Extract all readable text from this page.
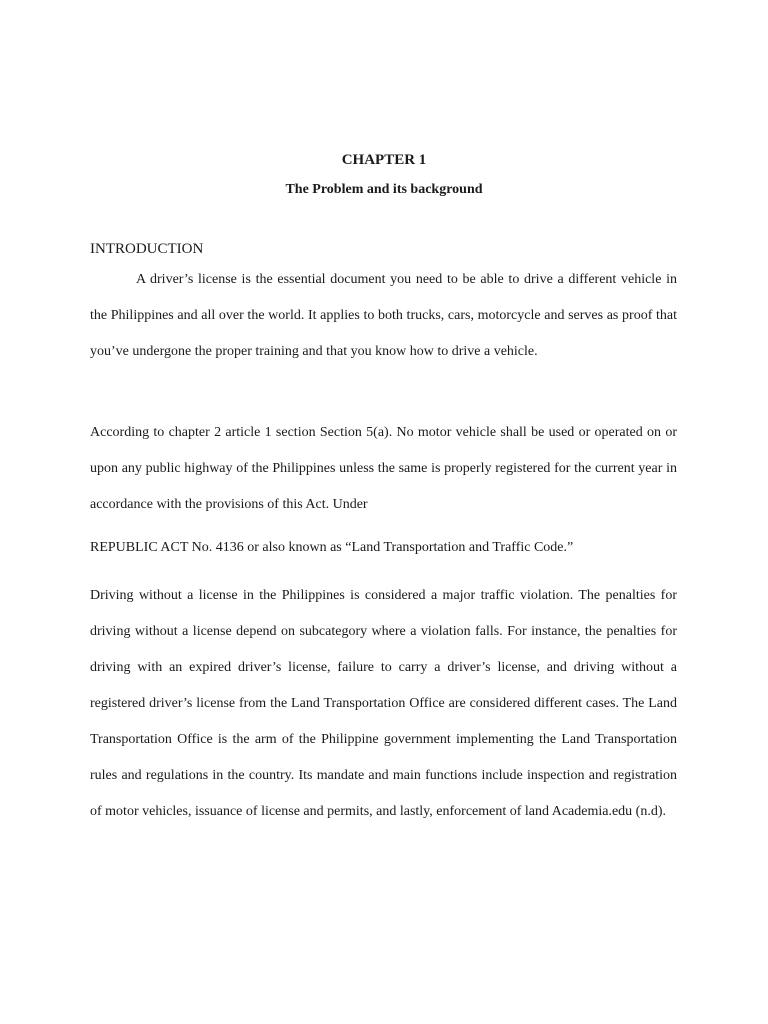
CHAPTER 1
The Problem and its background
INTRODUCTION

A driver’s license is the essential document you need to be able to drive a different vehicle in the Philippines and all over the world. It applies to both trucks, cars, motorcycle and serves as proof that you’ve undergone the proper training and that you know how to drive a vehicle.

According to chapter 2 article 1 section Section 5(a). No motor vehicle shall be used or operated on or upon any public highway of the Philippines unless the same is properly registered for the current year in accordance with the provisions of this Act. Under

REPUBLIC ACT No. 4136 or also known as “Land Transportation and Traffic Code.”

Driving without a license in the Philippines is considered a major traffic violation. The penalties for driving without a license depend on subcategory where a violation falls. For instance, the penalties for driving with an expired driver’s license, failure to carry a driver’s license, and driving without a registered driver’s license from the Land Transportation Office are considered different cases. The Land Transportation Office is the arm of the Philippine government implementing the Land Transportation rules and regulations in the country. Its mandate and main functions include inspection and registration of motor vehicles, issuance of license and permits, and lastly, enforcement of land Academia.edu (n.d).
